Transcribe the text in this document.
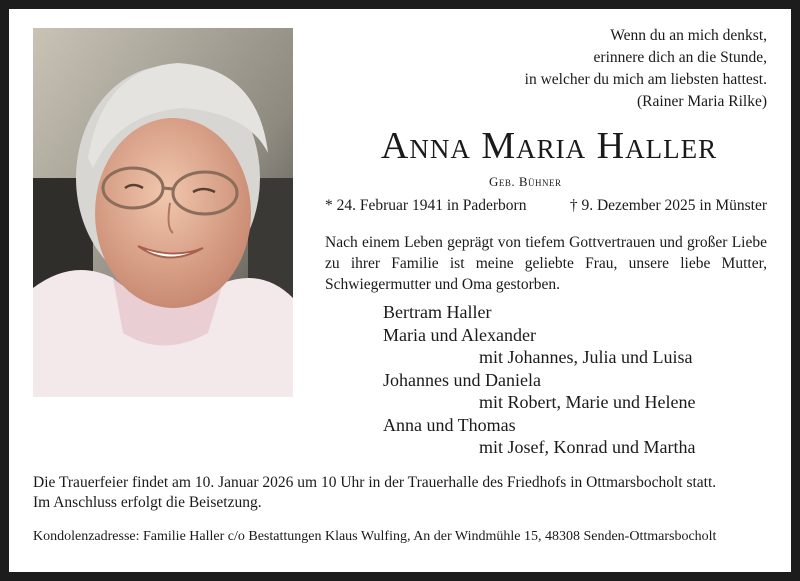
Wenn du an mich denkst,
erinnere dich an die Stunde,
in welcher du mich am liebsten hattest.
(Rainer Maria Rilke)
Anna Maria Haller
Geb. Bühner
* 24. Februar 1941 in Paderborn	† 9. Dezember 2025 in Münster
Nach einem Leben geprägt von tiefem Gottvertrauen und großer Liebe zu ihrer Familie ist meine geliebte Frau, unsere liebe Mutter, Schwiegermutter und Oma gestorben.
Bertram Haller
Maria und Alexander
mit Johannes, Julia und Luisa
Johannes und Daniela
mit Robert, Marie und Helene
Anna und Thomas
mit Josef, Konrad und Martha
Die Trauerfeier findet am 10. Januar 2026 um 10 Uhr in der Trauerhalle des Friedhofs in Ottmarsbocholt statt.
Im Anschluss erfolgt die Beisetzung.
Kondolenzadresse: Familie Haller c/o Bestattungen Klaus Wulfing, An der Windmühle 15, 48308 Senden-Ottmarsbocholt
